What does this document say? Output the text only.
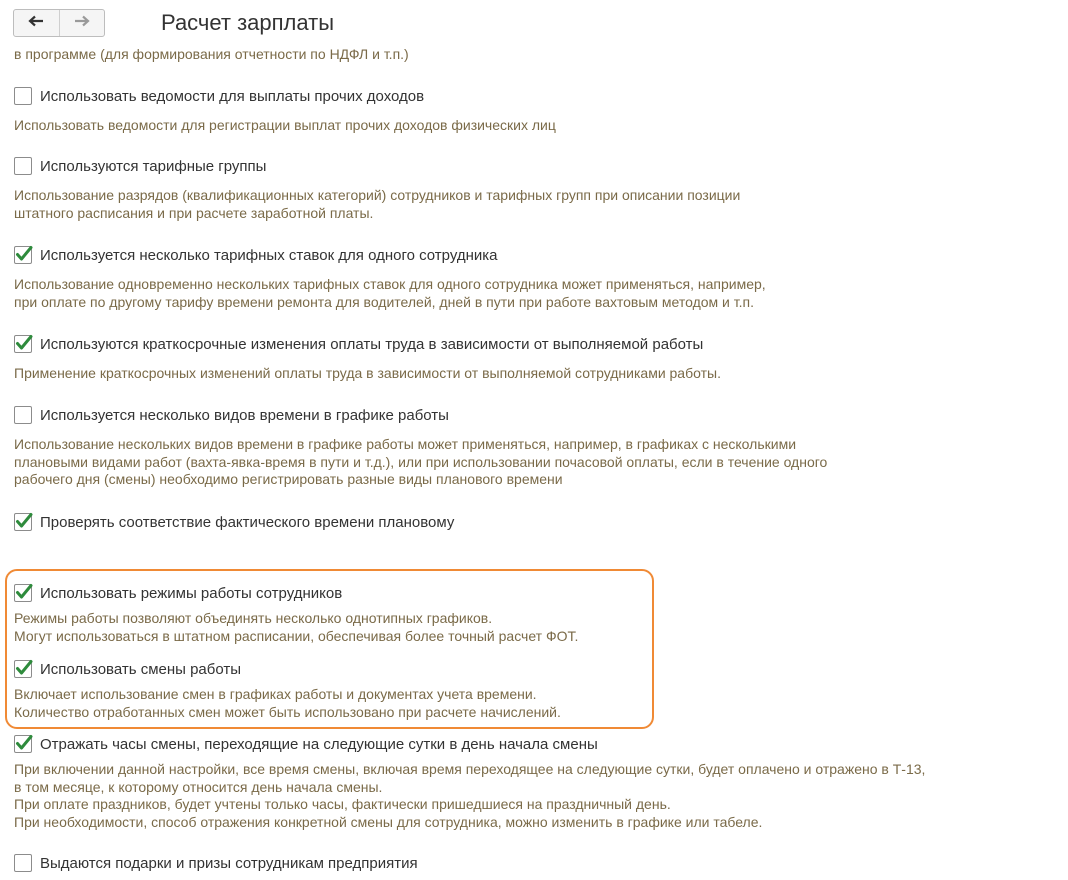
Расчет зарплаты
в программе (для формирования отчетности по НДФЛ и т.п.)
Использовать ведомости для выплаты прочих доходов
Использовать ведомости для регистрации выплат прочих доходов физических лиц
Используются тарифные группы
Использование разрядов (квалификационных категорий) сотрудников и тарифных групп при описании позиции
штатного расписания и при расчете заработной платы.
Используется несколько тарифных ставок для одного сотрудника
Использование одновременно нескольких тарифных ставок для одного сотрудника может применяться, например,
при оплате по другому тарифу времени ремонта для водителей, дней в пути при работе вахтовым методом и т.п.
Используются краткосрочные изменения оплаты труда в зависимости от выполняемой работы
Применение краткосрочных изменений оплаты труда в зависимости от выполняемой сотрудниками работы.
Используется несколько видов времени в графике работы
Использование нескольких видов времени в графике работы может применяться, например, в графиках с несколькими
плановыми видами работ (вахта-явка-время в пути и т.д.), или при использовании почасовой оплаты, если в течение одного
рабочего дня (смены) необходимо регистрировать разные виды планового времени
Проверять соответствие фактического времени плановому
Использовать режимы работы сотрудников
Режимы работы позволяют объединять несколько однотипных графиков.
Могут использоваться в штатном расписании, обеспечивая более точный расчет ФОТ.
Использовать смены работы
Включает использование смен в графиках работы и документах учета времени.
Количество отработанных смен может быть использовано при расчете начислений.
Отражать часы смены, переходящие на следующие сутки в день начала смены
При включении данной настройки, все время смены, включая время переходящее на следующие сутки, будет оплачено и отражено в Т-13,
в том месяце, к которому относится день начала смены.
При оплате праздников, будет учтены только часы, фактически пришедшиеся на праздничный день.
При необходимости, способ отражения конкретной смены для сотрудника, можно изменить в графике или табеле.
Выдаются подарки и призы сотрудникам предприятия
